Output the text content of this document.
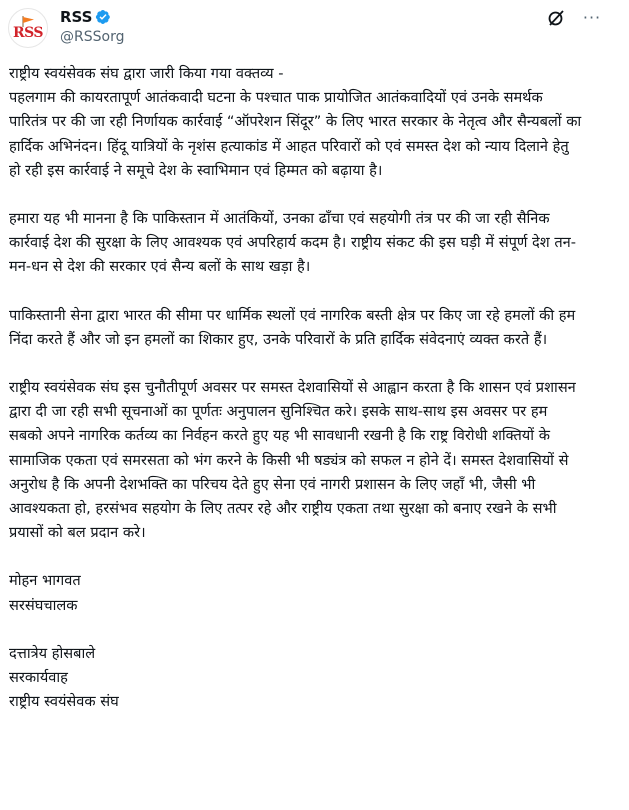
RSS
RSS
@RSSorg
···

राष्ट्रीय स्वयंसेवक संघ द्वारा जारी किया गया वक्तव्य -
पहलगाम की कायरतापूर्ण आतंकवादी घटना के पश्चात पाक प्रायोजित आतंकवादियों एवं उनके समर्थक पारितंत्र पर की जा रही निर्णायक कार्रवाई “ऑपरेशन सिंदूर” के लिए भारत सरकार के नेतृत्व और सैन्यबलों का हार्दिक अभिनंदन। हिंदू यात्रियों के नृशंस हत्याकांड में आहत परिवारों को एवं समस्त देश को न्याय दिलाने हेतु हो रही इस कार्रवाई ने समूचे देश के स्वाभिमान एवं हिम्मत को बढ़ाया है।

हमारा यह भी मानना है कि पाकिस्तान में आतंकियों, उनका ढाँचा एवं सहयोगी तंत्र पर की जा रही सैनिक कार्रवाई देश की सुरक्षा के लिए आवश्यक एवं अपरिहार्य कदम है। राष्ट्रीय संकट की इस घड़ी में संपूर्ण देश तन-मन-धन से देश की सरकार एवं सैन्य बलों के साथ खड़ा है।

पाकिस्तानी सेना द्वारा भारत की सीमा पर धार्मिक स्थलों एवं नागरिक बस्ती क्षेत्र पर किए जा रहे हमलों की हम निंदा करते हैं और जो इन हमलों का शिकार हुए, उनके परिवारों के प्रति हार्दिक संवेदनाएं व्यक्त करते हैं।

राष्ट्रीय स्वयंसेवक संघ इस चुनौतीपूर्ण अवसर पर समस्त देशवासियों से आह्वान करता है कि शासन एवं प्रशासन द्वारा दी जा रही सभी सूचनाओं का पूर्णतः अनुपालन सुनिश्चित करे। इसके साथ-साथ इस अवसर पर हम सबको अपने नागरिक कर्तव्य का निर्वहन करते हुए यह भी सावधानी रखनी है कि राष्ट्र विरोधी शक्तियों के सामाजिक एकता एवं समरसता को भंग करने के किसी भी षड्यंत्र को सफल न होने दें। समस्त देशवासियों से अनुरोध है कि अपनी देशभक्ति का परिचय देते हुए सेना एवं नागरी प्रशासन के लिए जहाँ भी, जैसी भी आवश्यकता हो, हरसंभव सहयोग के लिए तत्पर रहे और राष्ट्रीय एकता तथा सुरक्षा को बनाए रखने के सभी प्रयासों को बल प्रदान करे।

मोहन भागवत
सरसंघचालक

दत्तात्रेय होसबाले
सरकार्यवाह
राष्ट्रीय स्वयंसेवक संघ
